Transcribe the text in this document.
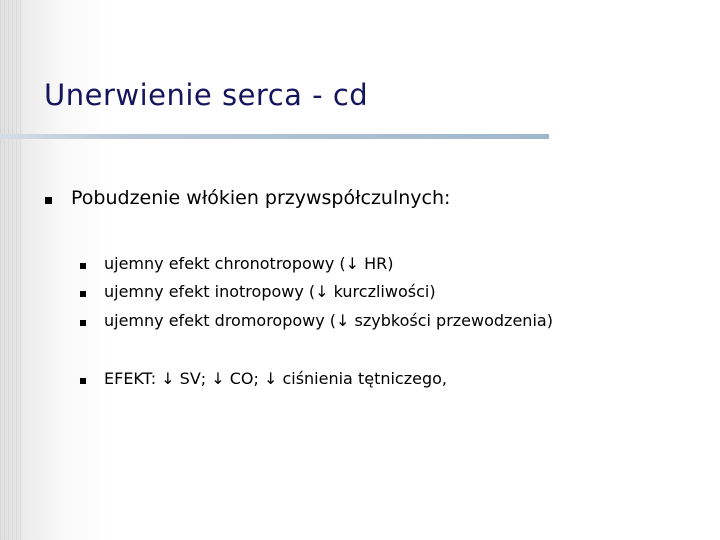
Unerwienie serca - cd
Pobudzenie włókien przywspółczulnych:
ujemny efekt chronotropowy (↓ HR)
ujemny efekt inotropowy (↓ kurczliwości)
ujemny efekt dromoropowy (↓ szybkości przewodzenia)
EFEKT: ↓ SV; ↓ CO; ↓ ciśnienia tętniczego,
